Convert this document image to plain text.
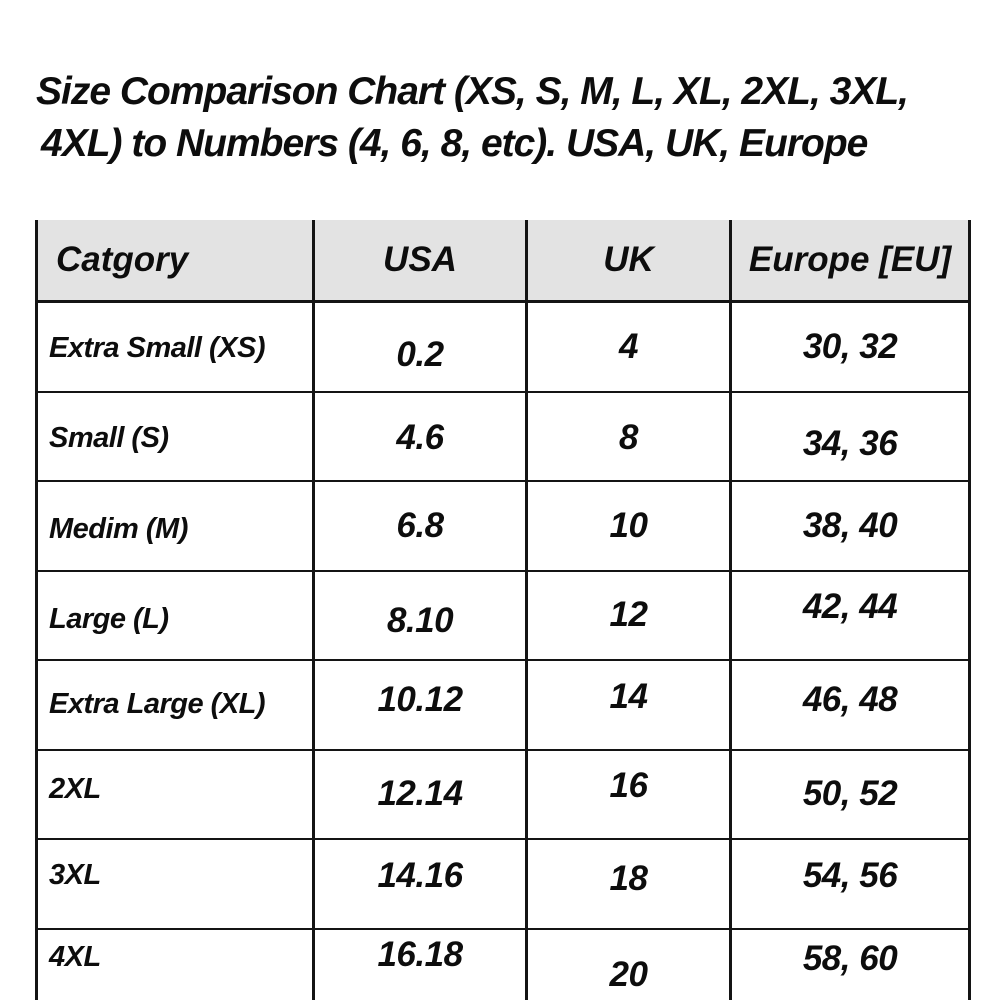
Size Comparison Chart (XS, S, M, L, XL, 2XL, 3XL,
4XL) to Numbers (4, 6, 8, etc). USA, UK, Europe
Catgory	USA	UK	Europe [EU]
Extra Small (XS)	0.2	4	30, 32
Small (S)	4.6	8	34, 36
Medim (M)	6.8	10	38, 40
Large (L)	8.10	12	42, 44
Extra Large (XL)	10.12	14	46, 48
2XL	12.14	16	50, 52
3XL	14.16	18	54, 56
4XL	16.18	20	58, 60
